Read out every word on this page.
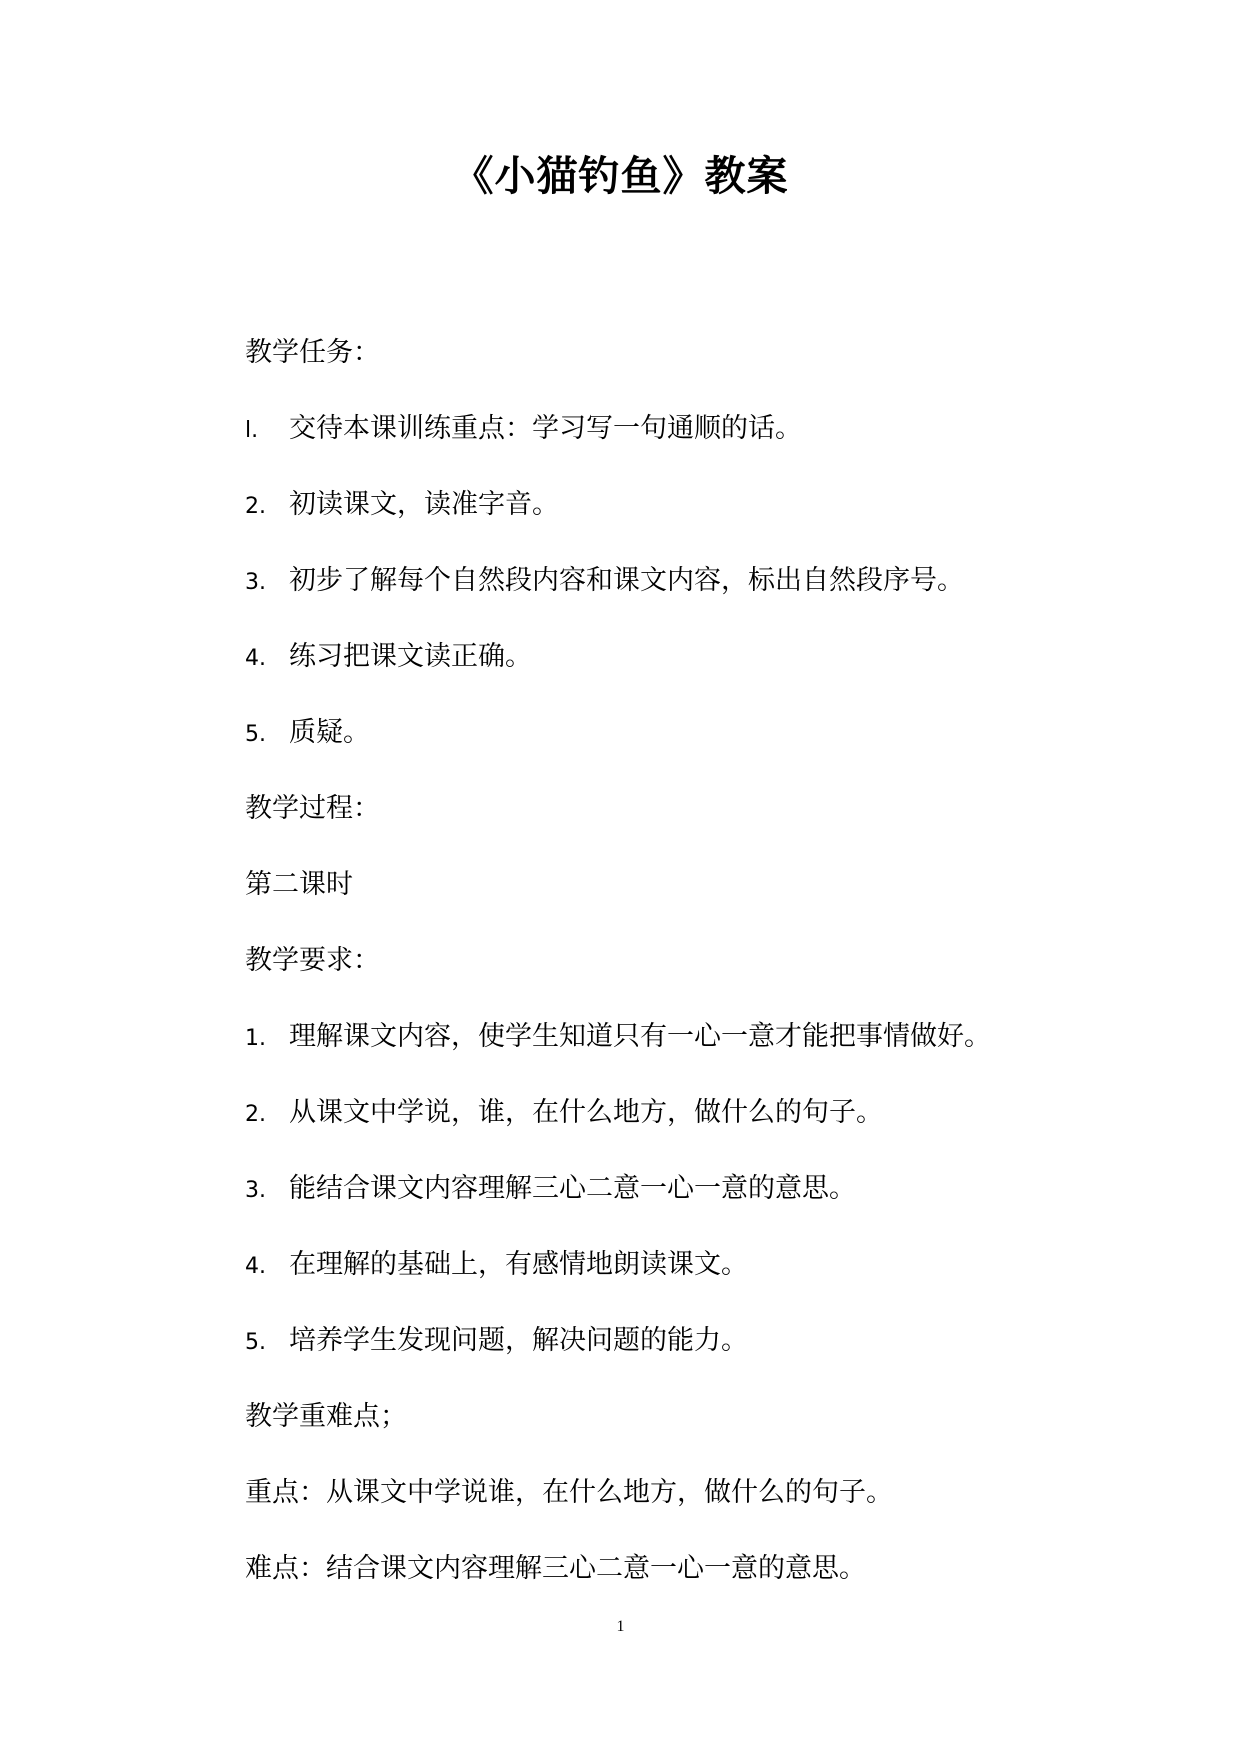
《小猫钓鱼》教案
教学任务：
l. 交待本课训练重点：学习写一句通顺的话。
2. 初读课文，读准字音。
3. 初步了解每个自然段内容和课文内容，标出自然段序号。
4. 练习把课文读正确。
5. 质疑。
教学过程：
第二课时
教学要求：
1. 理解课文内容，使学生知道只有一心一意才能把事情做好。
2. 从课文中学说，谁，在什么地方，做什么的句子。
3. 能结合课文内容理解三心二意一心一意的意思。
4. 在理解的基础上，有感情地朗读课文。
5. 培养学生发现问题，解决问题的能力。
教学重难点；
重点：从课文中学说谁，在什么地方，做什么的句子。
难点：结合课文内容理解三心二意一心一意的意思。
1
